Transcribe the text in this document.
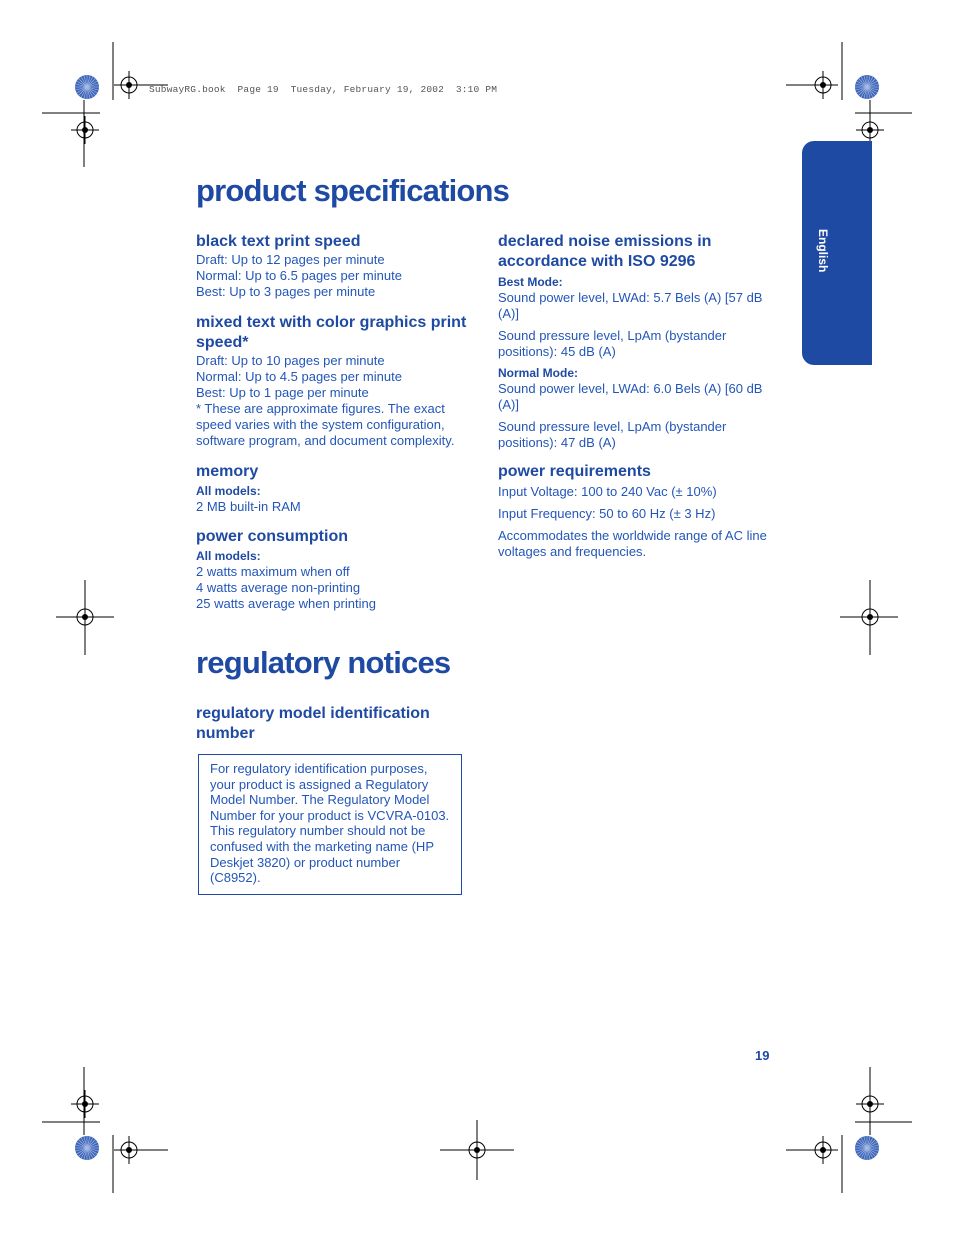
SubwayRG.book  Page 19  Tuesday, February 19, 2002  3:10 PM
English
product specifications

black text print speed

Draft: Up to 12 pages per minute

Normal: Up to 6.5 pages per minute

Best: Up to 3 pages per minute

mixed text with color graphics print

speed*

Draft: Up to 10 pages per minute

Normal: Up to 4.5 pages per minute

Best: Up to 1 page per minute

* These are approximate figures. The exact

speed varies with the system configuration,

software program, and document complexity.

memory

All models:

2 MB built-in RAM

power consumption

All models:

2 watts maximum when off

4 watts average non-printing

25 watts average when printing

declared noise emissions in

accordance with ISO 9296

Best Mode:

Sound power level, LWAd: 5.7 Bels (A) [57 dB

(A)]

Sound pressure level, LpAm (bystander

positions): 45 dB (A)

Normal Mode:

Sound power level, LWAd: 6.0 Bels (A) [60 dB

(A)]

Sound pressure level, LpAm (bystander

positions): 47 dB (A)

power requirements

Input Voltage: 100 to 240 Vac (± 10%)

Input Frequency: 50 to 60 Hz (± 3 Hz)

Accommodates the worldwide range of AC line

voltages and frequencies.

regulatory notices

regulatory model identification

number

For regulatory identification purposes,

your product is assigned a Regulatory

Model Number. The Regulatory Model

Number for your product is VCVRA-0103.

This regulatory number should not be

confused with the marketing name (HP

Deskjet 3820) or product number

(C8952).

19
